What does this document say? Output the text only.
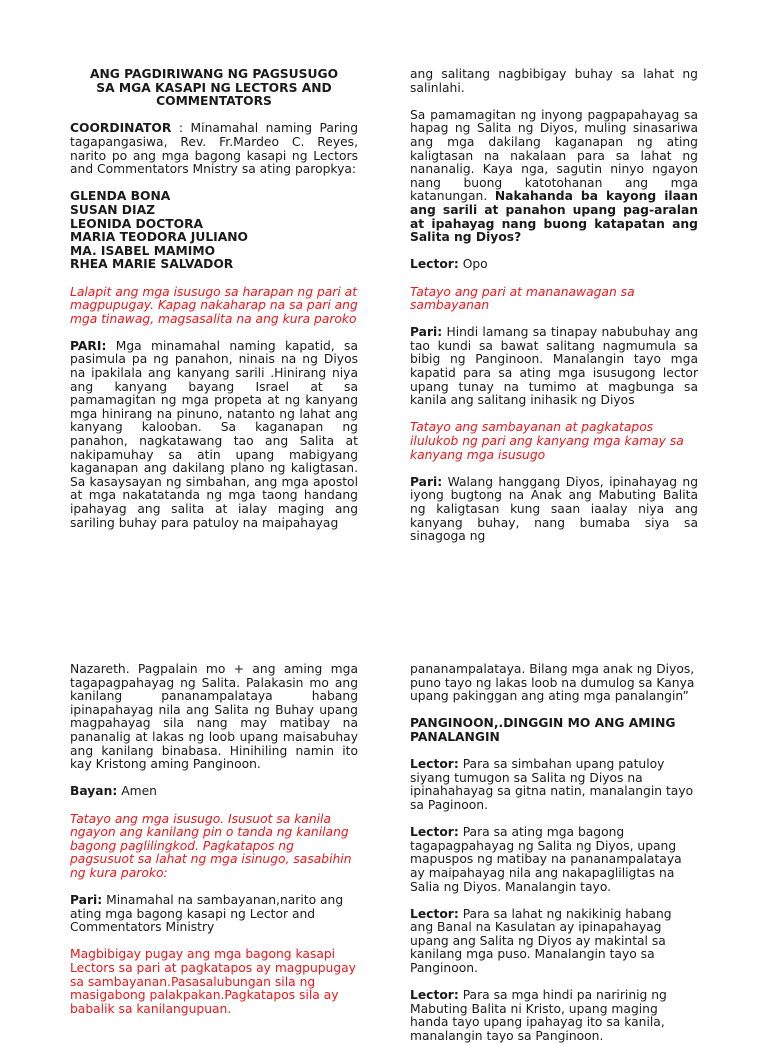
ANG PAGDIRIWANG NG PAGSUSUGO
SA MGA KASAPI NG LECTORS AND
COMMENTATORS

COORDINATOR : Minamahal naming Paring tagapangasiwa, Rev. Fr.Mardeo C. Reyes, narito po ang mga bagong kasapi ng Lectors and Commentators Mnistry sa ating paropkya:

GLENDA BONA
SUSAN DIAZ
LEONIDA DOCTORA
MARIA TEODORA JULIANO
MA. ISABEL MAMIMO
RHEA MARIE SALVADOR

Lalapit ang mga isusugo sa harapan ng pari at magpupugay. Kapag nakaharap na sa pari ang mga tinawag, magsasalita na ang kura paroko

PARI: Mga minamahal naming kapatid, sa pasimula pa ng panahon, ninais na ng Diyos na ipakilala ang kanyang sarili .Hinirang niya ang kanyang bayang Israel at sa pamamagitan ng mga propeta at ng kanyang mga hinirang na pinuno, natanto ng lahat ang kanyang kalooban. Sa kaganapan ng panahon, nagkatawang tao ang Salita at nakipamuhay sa atin upang mabigyang kaganapan ang dakilang plano ng kaligtasan. Sa kasaysayan ng simbahan, ang mga apostol at mga nakatatanda ng mga taong handang ipahayag ang salita at ialay maging ang sariling buhay para patuloy na maipahayag

ang salitang nagbibigay buhay sa lahat ng salinlahi.

Sa pamamagitan ng inyong pagpapahayag sa hapag ng Salita ng Diyos, muling sinasariwa ang mga dakilang kaganapan ng ating kaligtasan na nakalaan para sa lahat ng nananalig. Kaya nga, sagutin ninyo ngayon nang buong katotohanan ang mga katanungan. Nakahanda ba kayong ilaan ang sarili at panahon upang pag-aralan at ipahayag nang buong katapatan ang Salita ng Diyos?

Lector: Opo

Tatayo ang pari at mananawagan sa sambayanan

Pari: Hindi lamang sa tinapay nabubuhay ang tao kundi sa bawat salitang nagmumula sa bibig ng Panginoon. Manalangin tayo mga kapatid para sa ating mga isusugong lector upang tunay na tumimo at magbunga sa kanila ang salitang inihasik ng Diyos

Tatayo ang sambayanan at pagkatapos ilulukob ng pari ang kanyang mga kamay sa kanyang mga isusugo

Pari: Walang hanggang Diyos, ipinahayag ng iyong bugtong na Anak ang Mabuting Balita ng kaligtasan kung saan iaalay niya ang kanyang buhay, nang bumaba siya sa sinagoga ng

Nazareth. Pagpalain mo + ang aming mga tagapagpahayag ng Salita. Palakasin mo ang kanilang pananampalataya habang ipinapahayag nila ang Salita ng Buhay upang magpahayag sila nang may matibay na pananalig at lakas ng loob upang maisabuhay ang kanilang binabasa. Hinihiling namin ito kay Kristong aming Panginoon.

Bayan: Amen

Tatayo ang mga isusugo. Isusuot sa kanila ngayon ang kanilang pin o tanda ng kanilang bagong paglilingkod. Pagkatapos ng pagsusuot sa lahat ng mga isinugo, sasabihin ng kura paroko:

Pari: Minamahal na sambayanan,narito ang ating mga bagong kasapi ng Lector and Commentators Ministry

Magbibigay pugay ang mga bagong kasapi Lectors sa pari at pagkatapos ay magpupugay sa sambayanan.Pasasalubungan sila ng masigabong palakpakan.Pagkatapos sila ay babalik sa kanilangupuan.

pananampalataya. Bilang mga anak ng Diyos, puno tayo ng lakas loob na dumulog sa Kanya upang pakinggan ang ating mga panalangin”

PANGINOON,.DINGGIN MO ANG AMING PANALANGIN

Lector: Para sa simbahan upang patuloy siyang tumugon sa Salita ng Diyos na ipinahahayag sa gitna natin, manalangin tayo sa Paginoon.

Lector: Para sa ating mga bagong tagapagpahayag ng Salita ng Diyos, upang mapuspos ng matibay na pananampalataya ay maipahayag nila ang nakapagliligtas na Salia ng Diyos. Manalangin tayo.

Lector: Para sa lahat ng nakikinig habang ang Banal na Kasulatan ay ipinapahayag upang ang Salita ng Diyos ay makintal sa kanilang mga puso. Manalangin tayo sa Panginoon.

Lector: Para sa mga hindi pa naririnig ng Mabuting Balita ni Kristo, upang maging handa tayo upang ipahayag ito sa kanila, manalangin tayo sa Panginoon.
